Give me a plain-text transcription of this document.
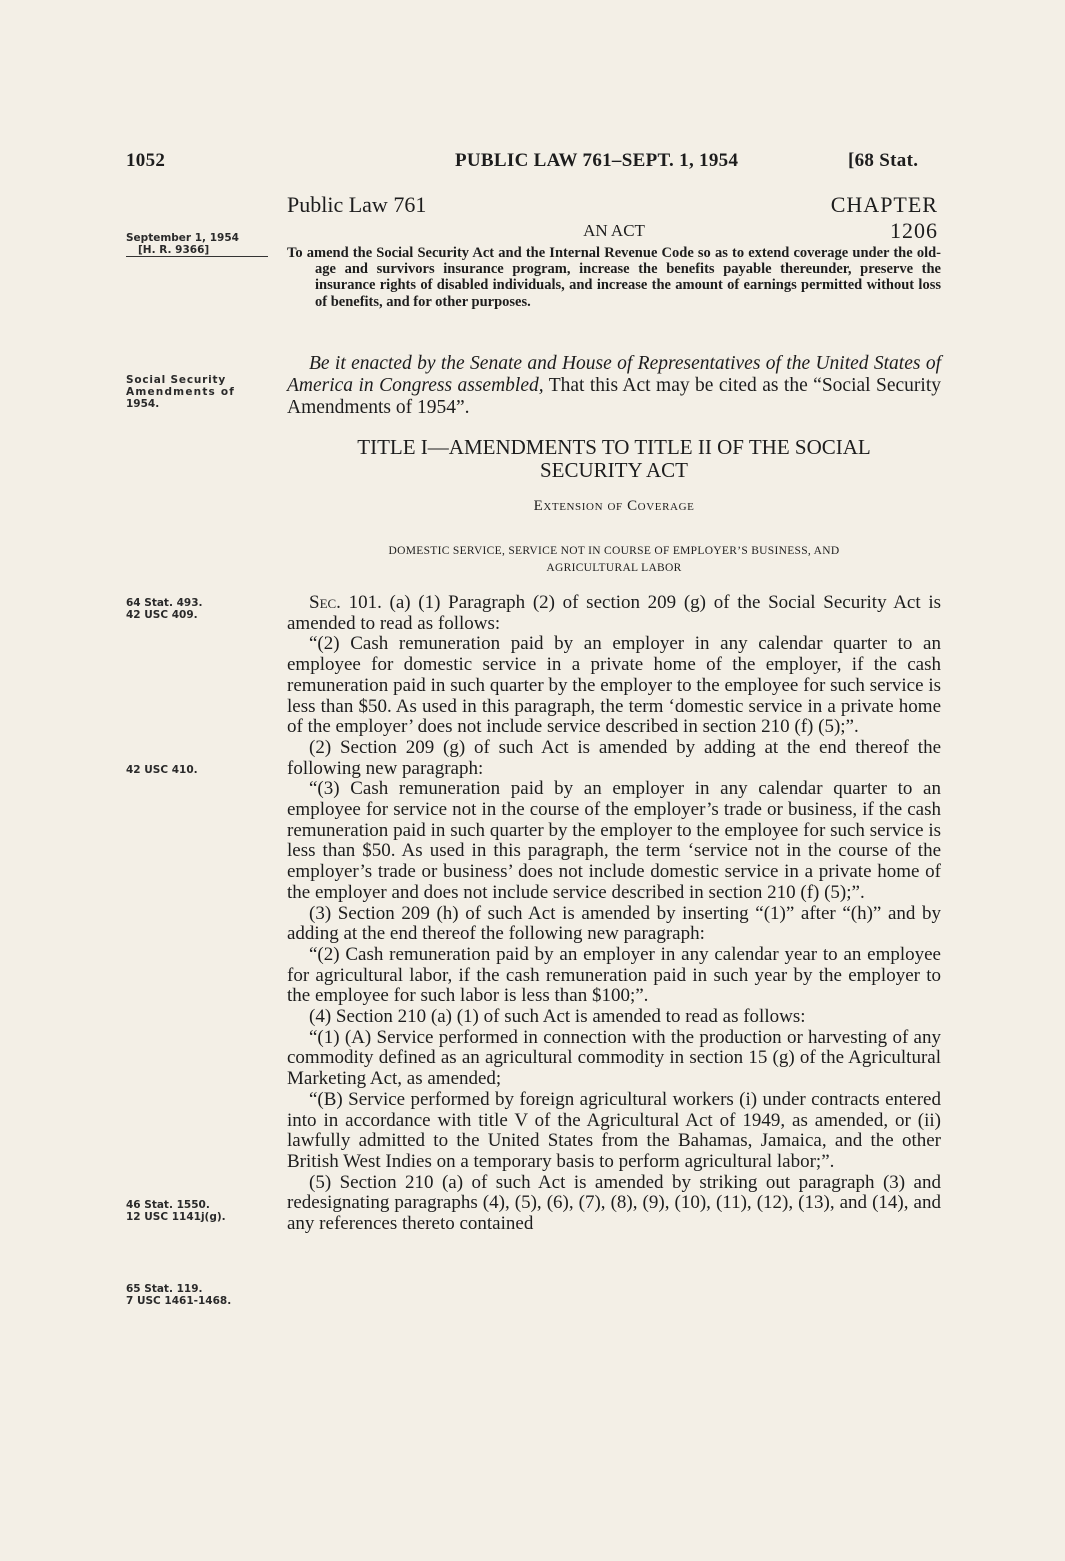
1052	PUBLIC LAW 761–SEPT. 1, 1954	[68 Stat.
Public Law 761	CHAPTER 1206
AN ACT
September 1, 1954
[H. R. 9366]
Social Security
Amendments of
1954.
64 Stat. 493.
42 USC 409.
42 USC 410.
46 Stat. 1550.
12 USC 1141j(g).
65 Stat. 119.
7 USC 1461-1468.
To amend the Social Security Act and the Internal Revenue Code so as to extend coverage under the old-age and survivors insurance program, increase the benefits payable thereunder, preserve the insurance rights of disabled individuals, and increase the amount of earnings permitted without loss of benefits, and for other purposes.
Be it enacted by the Senate and House of Representatives of the United States of America in Congress assembled, That this Act may be cited as the “Social Security Amendments of 1954”.
TITLE I—AMENDMENTS TO TITLE II OF THE SOCIAL
SECURITY ACT
Extension of Coverage
DOMESTIC SERVICE, SERVICE NOT IN COURSE OF EMPLOYER’S BUSINESS, AND
AGRICULTURAL LABOR

Sec. 101. (a) (1) Paragraph (2) of section 209 (g) of the Social Security Act is amended to read as follows:

“(2) Cash remuneration paid by an employer in any calendar quarter to an employee for domestic service in a private home of the employer, if the cash remuneration paid in such quarter by the employer to the employee for such service is less than $50. As used in this paragraph, the term ‘domestic service in a private home of the employer’ does not include service described in section 210 (f) (5);”.

(2) Section 209 (g) of such Act is amended by adding at the end thereof the following new paragraph:

“(3) Cash remuneration paid by an employer in any calendar quarter to an employee for service not in the course of the employer’s trade or business, if the cash remuneration paid in such quarter by the employer to the employee for such service is less than $50. As used in this paragraph, the term ‘service not in the course of the employer’s trade or business’ does not include domestic service in a private home of the employer and does not include service described in section 210 (f) (5);”.

(3) Section 209 (h) of such Act is amended by inserting “(1)” after “(h)” and by adding at the end thereof the following new paragraph:

“(2) Cash remuneration paid by an employer in any calendar year to an employee for agricultural labor, if the cash remuneration paid in such year by the employer to the employee for such labor is less than $100;”.

(4) Section 210 (a) (1) of such Act is amended to read as follows:

“(1) (A) Service performed in connection with the production or harvesting of any commodity defined as an agricultural commodity in section 15 (g) of the Agricultural Marketing Act, as amended;

“(B) Service performed by foreign agricultural workers (i) under contracts entered into in accordance with title V of the Agricultural Act of 1949, as amended, or (ii) lawfully admitted to the United States from the Bahamas, Jamaica, and the other British West Indies on a temporary basis to perform agricultural labor;”.

(5) Section 210 (a) of such Act is amended by striking out paragraph (3) and redesignating paragraphs (4), (5), (6), (7), (8), (9), (10), (11), (12), (13), and (14), and any references thereto contained
